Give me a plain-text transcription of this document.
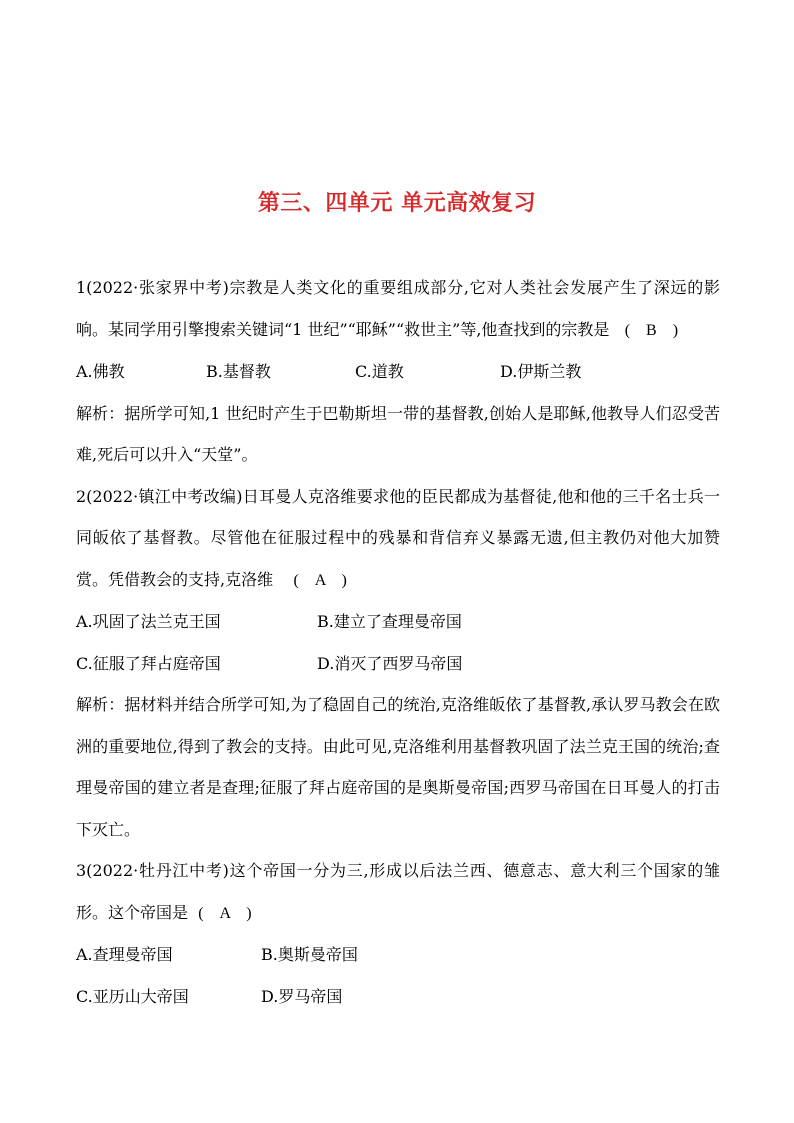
第三、四单元 单元高效复习

1(2022·张家界中考)宗教是人类文化的重要组成部分,它对人类社会发展产生了深远的影响。某同学用引擎搜索关键词“1 世纪”“耶稣”“救世主”等,他查找到的宗教是 (　B　)

A.佛教	B.基督教	C.道教	D.伊斯兰教

解析：据所学可知,1 世纪时产生于巴勒斯坦一带的基督教,创始人是耶稣,他教导人们忍受苦难,死后可以升入“天堂”。

2(2022·镇江中考改编)日耳曼人克洛维要求他的臣民都成为基督徒,他和他的三千名士兵一同皈依了基督教。尽管他在征服过程中的残暴和背信弃义暴露无遗,但主教仍对他大加赞赏。凭借教会的支持,克洛维 (　A　)

A.巩固了法兰克王国	B.建立了查理曼帝国
C.征服了拜占庭帝国	D.消灭了西罗马帝国

解析：据材料并结合所学可知,为了稳固自己的统治,克洛维皈依了基督教,承认罗马教会在欧洲的重要地位,得到了教会的支持。由此可见,克洛维利用基督教巩固了法兰克王国的统治;查理曼帝国的建立者是查理;征服了拜占庭帝国的是奥斯曼帝国;西罗马帝国在日耳曼人的打击下灭亡。

3(2022·牡丹江中考)这个帝国一分为三,形成以后法兰西、德意志、意大利三个国家的雏形。这个帝国是 (　A　)

A.查理曼帝国	B.奥斯曼帝国
C.亚历山大帝国	D.罗马帝国
